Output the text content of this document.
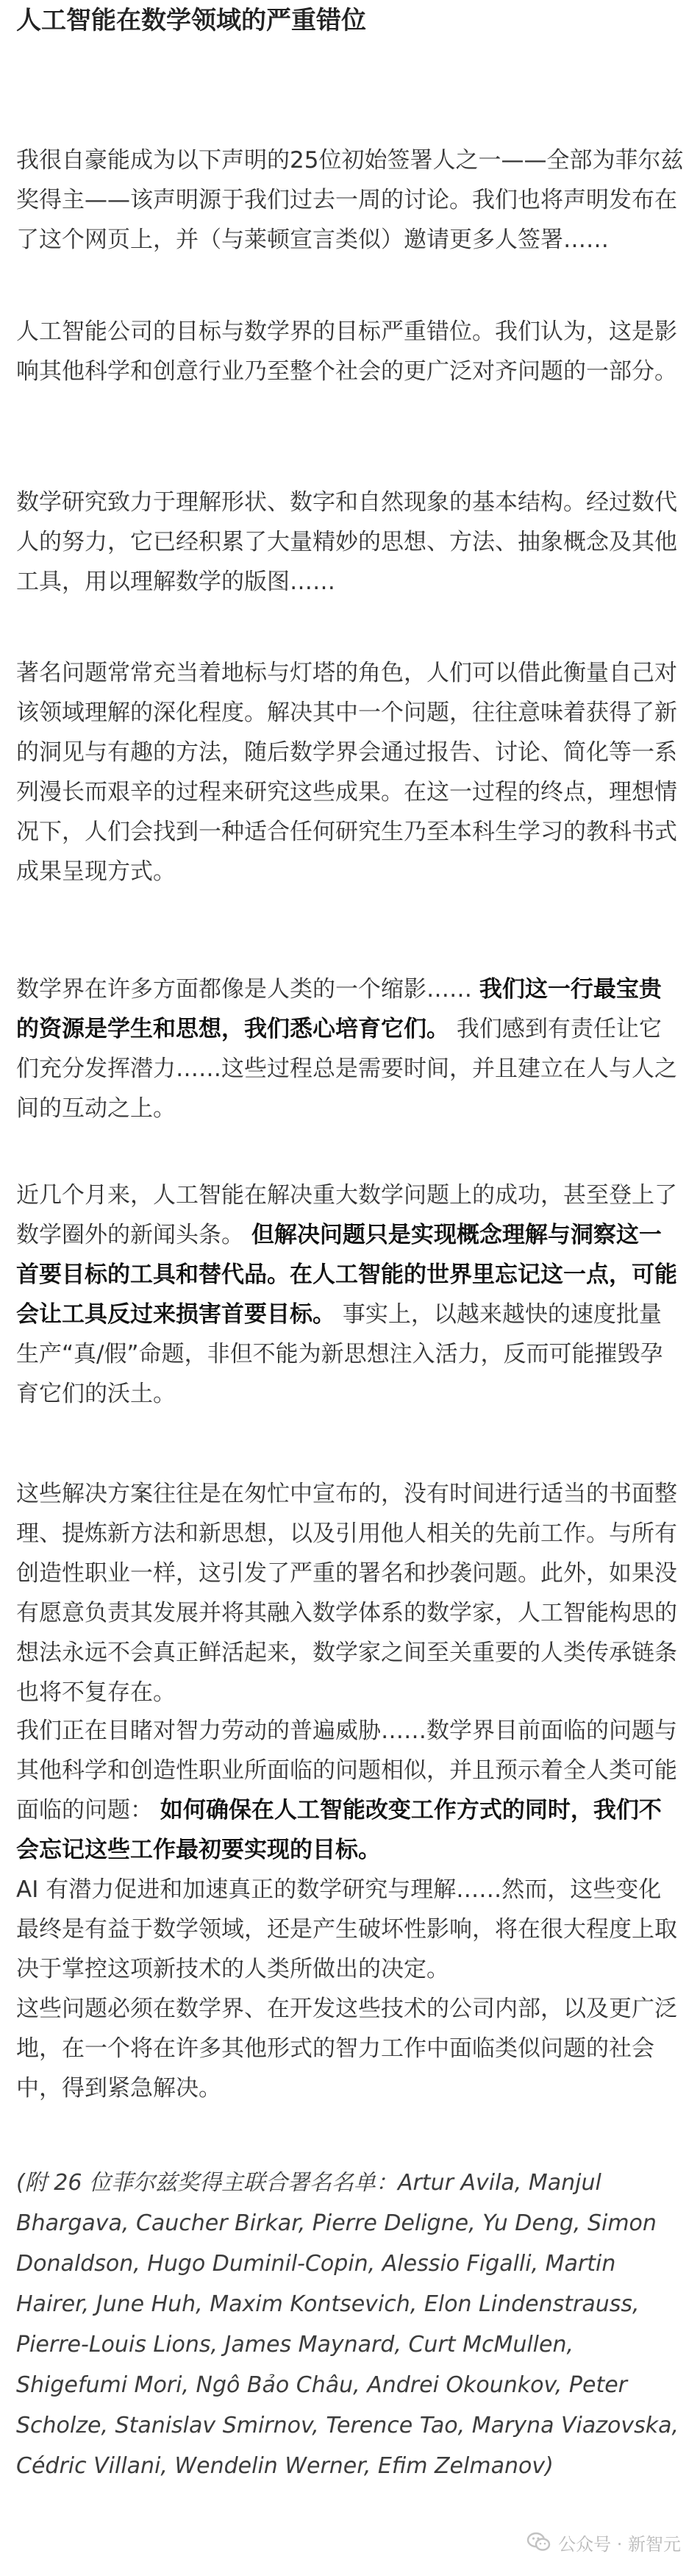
人工智能在数学领域的严重错位

我很自豪能成为以下声明的25位初始签署人之一——全部为菲尔兹奖得主——该声明源于我们过去一周的讨论。我们也将声明发布在了这个网页上，并（与莱顿宣言类似）邀请更多人签署……

人工智能公司的目标与数学界的目标严重错位。我们认为，这是影响其他科学和创意行业乃至整个社会的更广泛对齐问题的一部分。

数学研究致力于理解形状、数字和自然现象的基本结构。经过数代人的努力，它已经积累了大量精妙的思想、方法、抽象概念及其他工具，用以理解数学的版图……

著名问题常常充当着地标与灯塔的角色，人们可以借此衡量自己对该领域理解的深化程度。解决其中一个问题，往往意味着获得了新的洞见与有趣的方法，随后数学界会通过报告、讨论、简化等一系列漫长而艰辛的过程来研究这些成果。在这一过程的终点，理想情况下，人们会找到一种适合任何研究生乃至本科生学习的教科书式成果呈现方式。

数学界在许多方面都像是人类的一个缩影…… 我们这一行最宝贵的资源是学生和思想，我们悉心培育它们。 我们感到有责任让它们充分发挥潜力……这些过程总是需要时间，并且建立在人与人之间的互动之上。

近几个月来，人工智能在解决重大数学问题上的成功，甚至登上了数学圈外的新闻头条。 但解决问题只是实现概念理解与洞察这一首要目标的工具和替代品。在人工智能的世界里忘记这一点，可能会让工具反过来损害首要目标。 事实上，以越来越快的速度批量生产“真/假”命题，非但不能为新思想注入活力，反而可能摧毁孕育它们的沃土。

这些解决方案往往是在匆忙中宣布的，没有时间进行适当的书面整理、提炼新方法和新思想，以及引用他人相关的先前工作。与所有创造性职业一样，这引发了严重的署名和抄袭问题。此外，如果没有愿意负责其发展并将其融入数学体系的数学家，人工智能构思的想法永远不会真正鲜活起来，数学家之间至关重要的人类传承链条也将不复存在。

我们正在目睹对智力劳动的普遍威胁……数学界目前面临的问题与其他科学和创造性职业所面临的问题相似，并且预示着全人类可能面临的问题： 如何确保在人工智能改变工作方式的同时，我们不会忘记这些工作最初要实现的目标。

AI 有潜力促进和加速真正的数学研究与理解……然而，这些变化最终是有益于数学领域，还是产生破坏性影响，将在很大程度上取决于掌控这项新技术的人类所做出的决定。

这些问题必须在数学界、在开发这些技术的公司内部，以及更广泛地，在一个将在许多其他形式的智力工作中面临类似问题的社会中，得到紧急解决。

(附 26 位菲尔兹奖得主联合署名名单：Artur Avila, Manjul Bhargava, Caucher Birkar, Pierre Deligne, Yu Deng, Simon Donaldson, Hugo Duminil-Copin, Alessio Figalli, Martin Hairer, June Huh, Maxim Kontsevich, Elon Lindenstrauss, Pierre-Louis Lions, James Maynard, Curt McMullen, Shigefumi Mori, Ngô Bảo Châu, Andrei Okounkov, Peter Scholze, Stanislav Smirnov, Terence Tao, Maryna Viazovska, Cédric Villani, Wendelin Werner, Efim Zelmanov)

公众号 · 新智元
